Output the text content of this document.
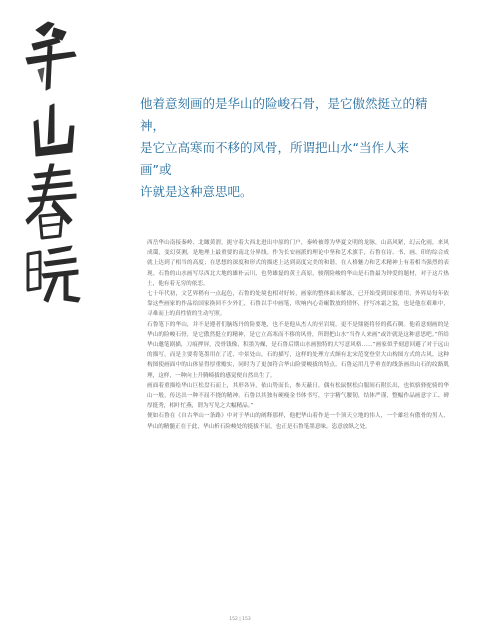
他着意刻画的是华山的险峻石骨，是它傲然挺立的精神，

是它立高寒而不移的风骨，所谓把山水“当作人来画”或

许就是这种意思吧。

西岳华山南接秦岭、北瞰黄渭，扼守着大西北进出中原的门户，秦岭被尊为华夏文明的龙脉，山高风紧，幻云化雨，来风成霭，变幻莫测，是地理上最重要的南北分界线。作为长安画派的理论中坚和艺术旗手，石鲁在诗、书、画、印的综合成就上达到了相当的高度；在思想的深度和形式的描述上达到高度完美的和谐，在人格魅力和艺术精神上有着相当强烈的表现。石鲁的山水画写尽西北大地的雄朴云川，也势雄磊的黄土高原，骏削险峻的华山是石鲁最为钟爱的题材，对于这片热土，他有着无穷的依恋。

七十年代初，文艺界稍有一点起色，石鲁的处境也相对好转，画家的整体面未解冻，已开始受到国家重用，外界局每年依靠这些画家的作品给国家换回不少外汇，石鲁以手中画笔，吹响内心奇崛散放的情怀，抒写冰霜之貌，也是他在艰难中，寻难而上的真性情的生动写照。

石鲁笔下的华山，并不是遵者们脑练丹的险要地，也不是他从杰人的至岩境，更不是鼎能将径的孤石稠。他着意刻画的是华山的险峻石骨，是它傲然挺立的精神，是它立高寒而不移的风骨，所谓把山水“当作人来画”或许就是这种意思吧。”所给华山邀笔剧描，刀痕押屏，没骨钱像，积墨为燥，是石鲁后期山水画独特的大写意风格……”画家似乎刻意回避了对于远山的描写，而是主要将笔墨用在了近、中景处山，石的描写，这样的处理方式颇有北宋范宽登堂大山构图方式的古风，这种构图使画面中的山体显得厚重赡实，同时为了更加符合华山险要峻拔的特点，石鲁运用几乎垂直的线条画出山石的纹路肌理，这样，一种向上升腾崎拔的感觉便自然出生了。

画面着重描绘华山巨松盘石而上，其形各异，依山势而长，参天蔽日，偶有松鼠惬松白服间石附长出，也似骆驿驼骑的华山一般，传达出一种不屈不挠的精神。石鲁以其独有硬瘦金书体书写，字字精气腰韧，结体严谨，整幅作品画意宇工、碑厚挺秀，相叶忙燕，谓为写见之大幅精品。”

便如石鲁在《自古华山一条路》中对于华山的阐释那样，他把华山着作是一个顶天立地的伟人，一个雄壮有傲骨的男人，华山的精髓正在于此，华山析石险峻处的挺拔不屈，也正是石鲁笔墨意味，恣意放纵之处。

152 | 153
